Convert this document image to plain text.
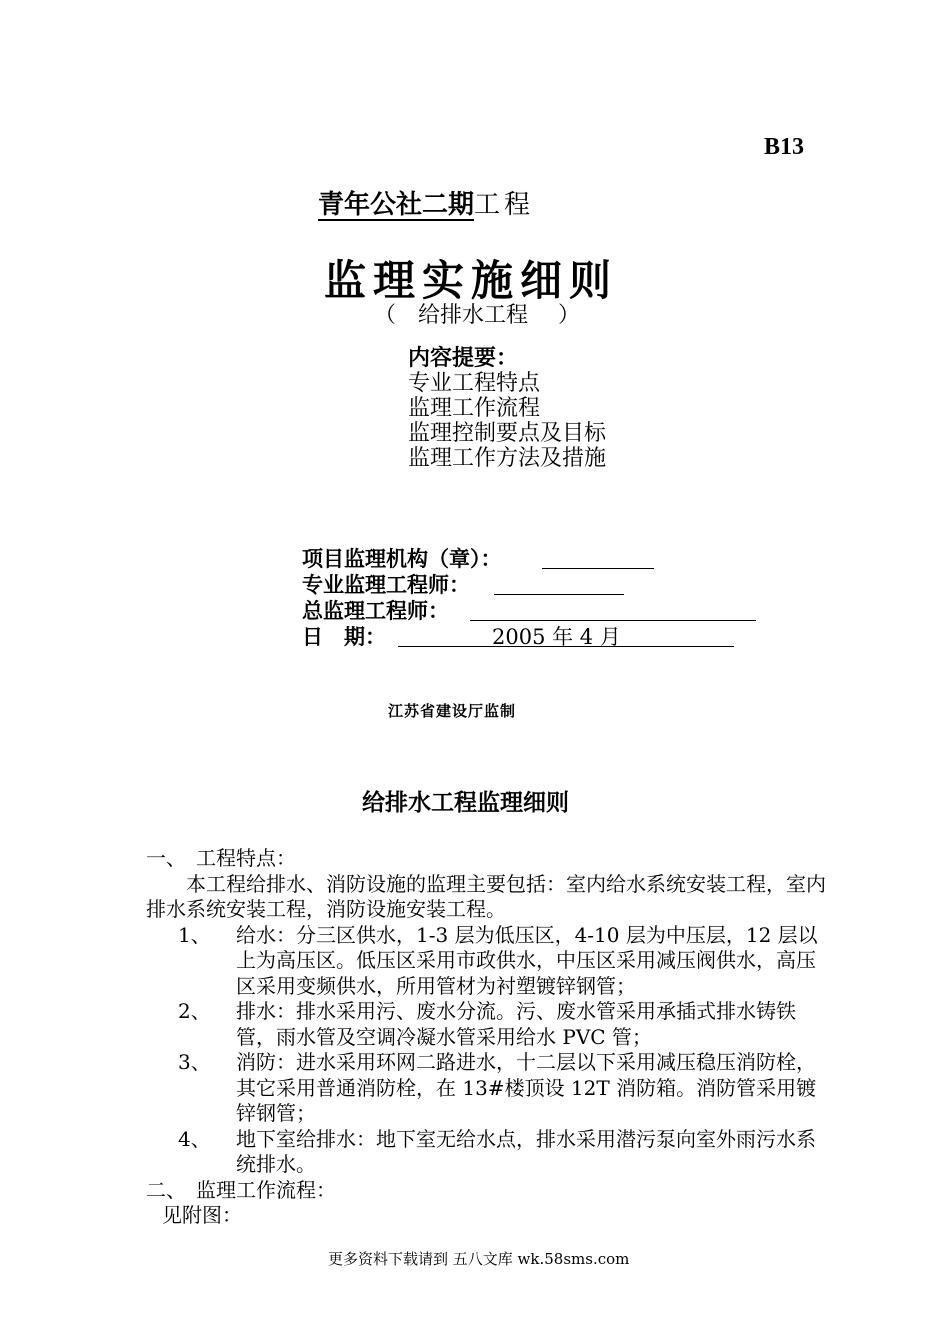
B13
青年公社二期工程
监理实施细则
（ 给排水工程 ）
内容提要：
专业工程特点
监理工作流程
监理控制要点及目标
监理工作方法及措施
项目监理机构（章）：
专业监理工程师：
总监理工程师：
日　期：	2005 年 4 月
江苏省建设厅监制
给排水工程监理细则

一、　工程特点：

本工程给排水、消防设施的监理主要包括：室内给水系统安装工程，室内排水系统安装工程，消防设施安装工程。

1、 给水：分三区供水，1-3 层为低压区，4-10 层为中压层，12 层以上为高压区。低压区采用市政供水，中压区采用减压阀供水，高压区采用变频供水，所用管材为衬塑镀锌钢管；
2、 排水：排水采用污、废水分流。污、废水管采用承插式排水铸铁管，雨水管及空调冷凝水管采用给水 PVC 管；
3、 消防：进水采用环网二路进水，十二层以下采用减压稳压消防栓，其它采用普通消防栓，在 13#楼顶设 12T 消防箱。消防管采用镀锌钢管；
4、 地下室给排水：地下室无给水点，排水采用潜污泵向室外雨污水系统排水。

二、　监理工作流程：

见附图：

更多资料下载请到 五八文库 wk.58sms.com
